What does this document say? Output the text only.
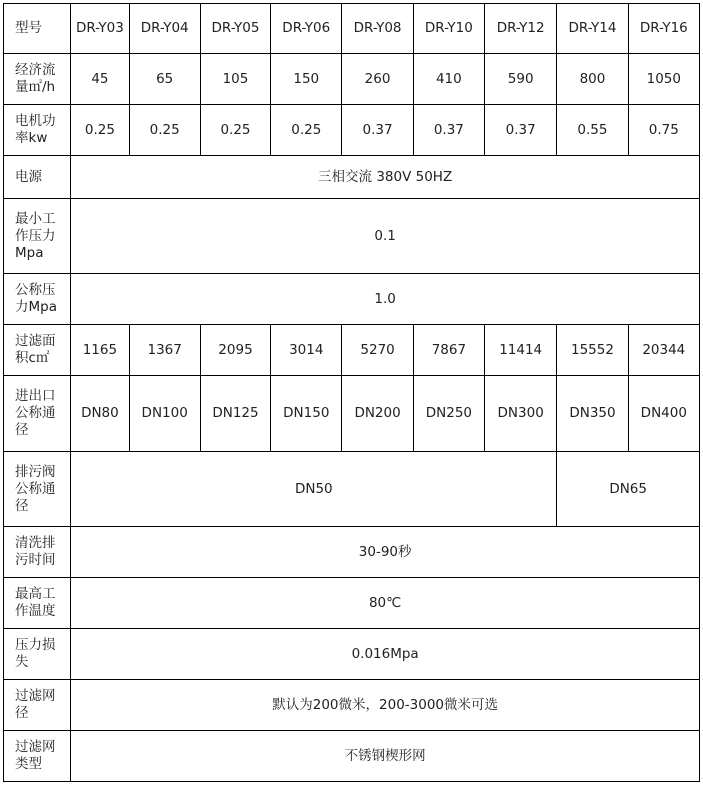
型号	DR-Y03	DR-Y04	DR-Y05	DR-Y06	DR-Y08	DR-Y10	DR-Y12	DR-Y14	DR-Y16
经济流量㎡/h	45	65	105	150	260	410	590	800	1050
电机功率kw	0.25	0.25	0.25	0.25	0.37	0.37	0.37	0.55	0.75
电源	三相交流 380V 50HZ								
最小工作压力Mpa	0.1								
公称压力Mpa	1.0								
过滤面积c㎡	1165	1367	2095	3014	5270	7867	11414	15552	20344
进出口公称通径	DN80	DN100	DN125	DN150	DN200	DN250	DN300	DN350	DN400
排污阀公称通径	DN50							DN65	
清洗排污时间	30-90秒								
最高工作温度	80℃								
压力损失	0.016Mpa								
过滤网径	默认为200微米，200-3000微米可选								
过滤网类型	不锈钢楔形网								
